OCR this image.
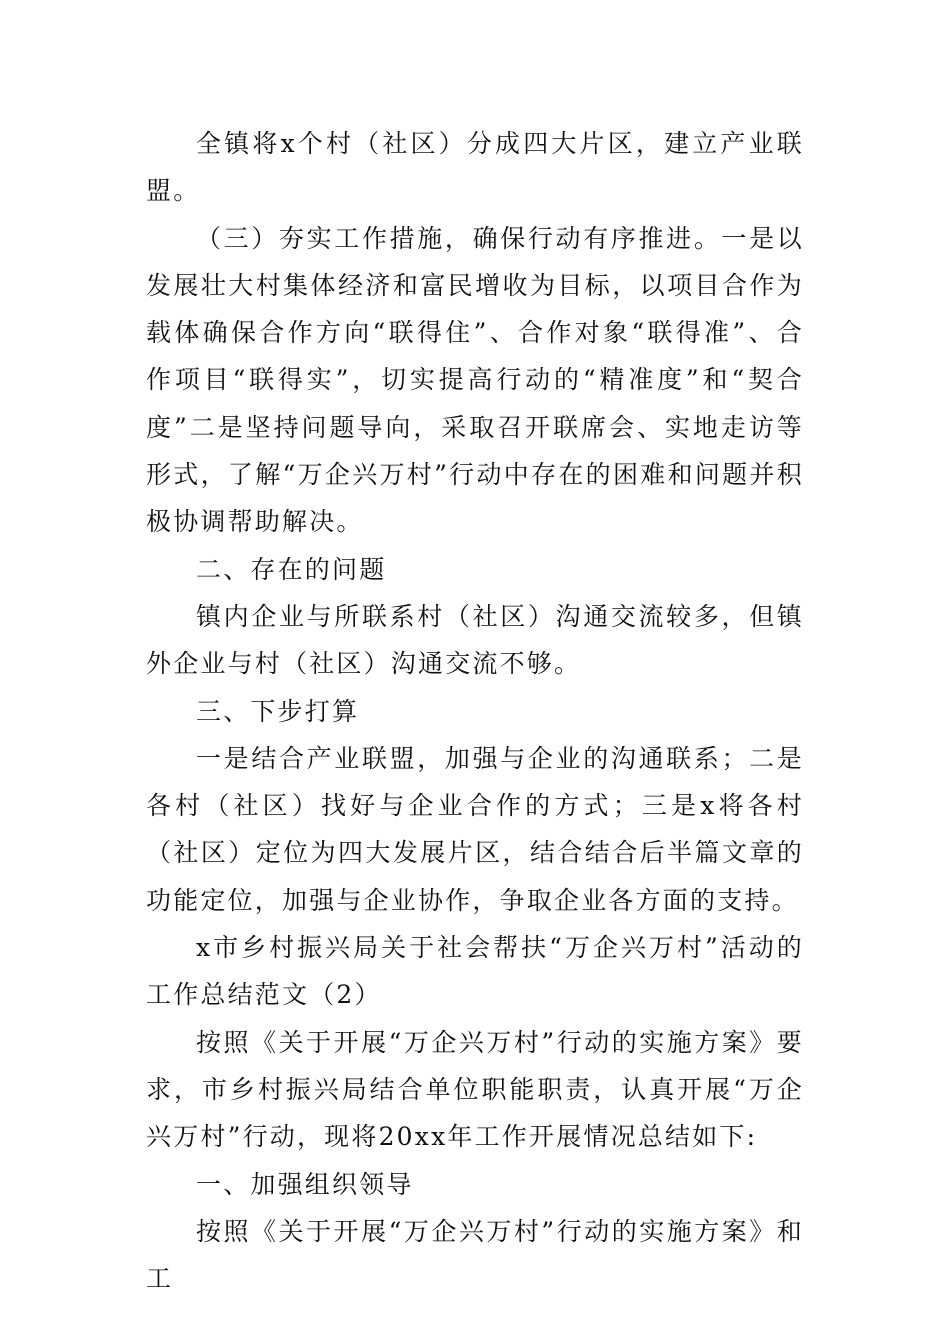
全镇将x个村（社区）分成四大片区，建立产业联盟。

（三）夯实工作措施，确保行动有序推进。一是以发展壮大村集体经济和富民增收为目标，以项目合作为载体确保合作方向“联得住”、合作对象“联得准”、合作项目“联得实”，切实提高行动的“精准度”和“契合度”二是坚持问题导向，采取召开联席会、实地走访等形式，了解“万企兴万村”行动中存在的困难和问题并积极协调帮助解决。

二、存在的问题

镇内企业与所联系村（社区）沟通交流较多，但镇外企业与村（社区）沟通交流不够。

三、下步打算

一是结合产业联盟，加强与企业的沟通联系；二是各村（社区）找好与企业合作的方式；三是x将各村（社区）定位为四大发展片区，结合结合后半篇文章的功能定位，加强与企业协作，争取企业各方面的支持。

x市乡村振兴局关于社会帮扶“万企兴万村”活动的工作总结范文（2）

按照《关于开展“万企兴万村”行动的实施方案》要求，市乡村振兴局结合单位职能职责，认真开展“万企兴万村”行动，现将20xx年工作开展情况总结如下:

一、加强组织领导

按照《关于开展“万企兴万村”行动的实施方案》和工
